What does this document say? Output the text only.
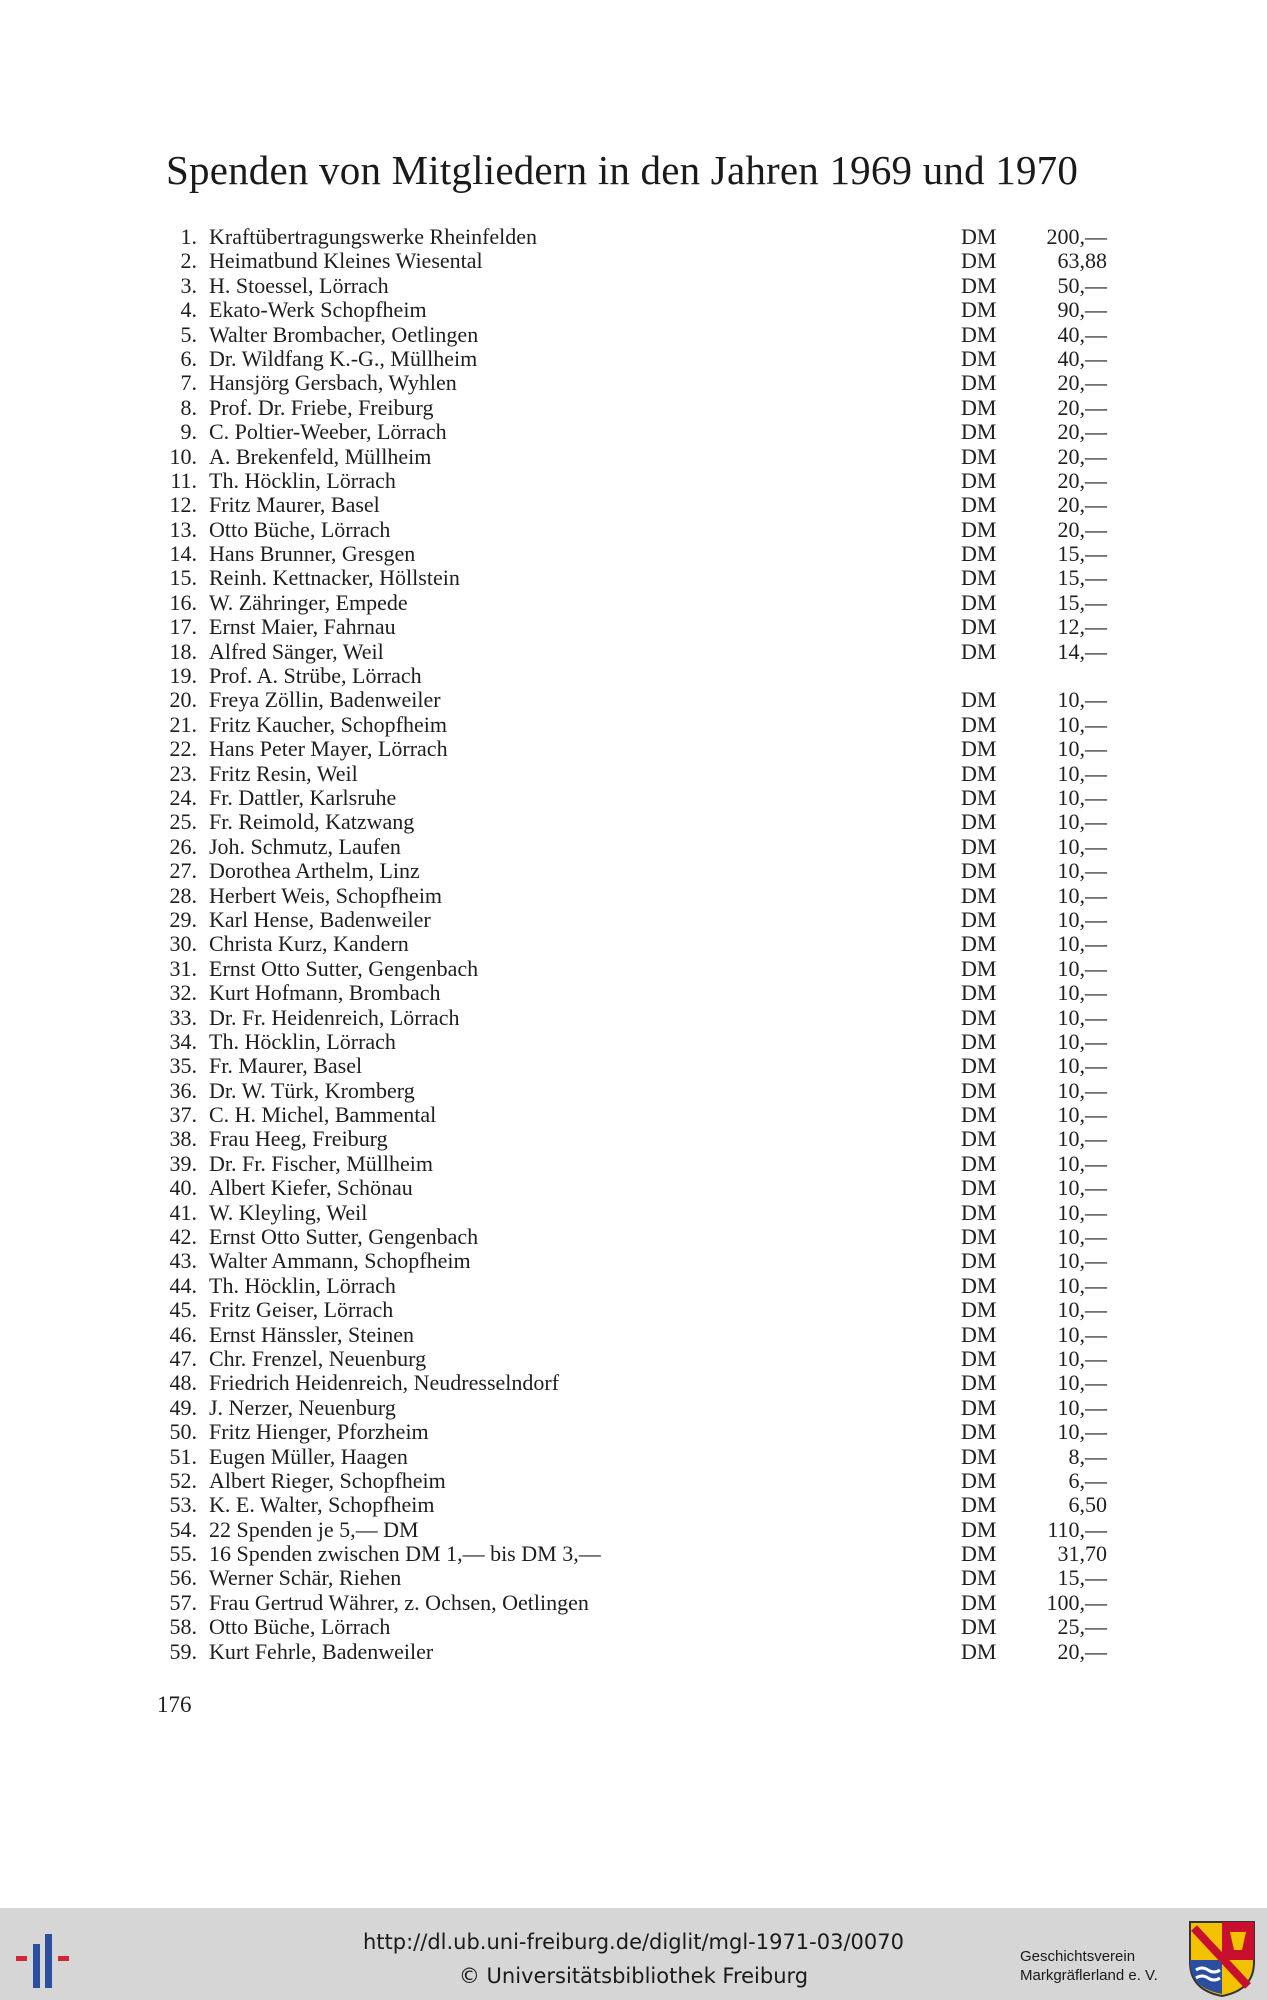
Spenden von Mitgliedern in den Jahren 1969 und 1970
1. Kraftübertragungswerke Rheinfelden	DM 200,—
2. Heimatbund Kleines Wiesental	DM	63,88
3. H. Stoessel, Lörrach	DM	50,—
4. Ekato-Werk Schopfheim	DM	90,—
5. Walter Brombacher, Oetlingen	DM	40,—
6. Dr. Wildfang K.-G., Müllheim	DM	40,—
7. Hansjörg Gersbach, Wyhlen	DM	20,—
8. Prof. Dr. Friebe, Freiburg	DM	20,—
9. C. Poltier-Weeber, Lörrach	DM	20,—
10. A. Brekenfeld, Müllheim	DM	20,—
11. Th. Höcklin, Lörrach	DM	20,—
12. Fritz Maurer, Basel	DM	20,—
13. Otto Büche, Lörrach	DM	20,—
14. Hans Brunner, Gresgen	DM	15,—
15. Reinh. Kettnacker, Höllstein	DM	15,—
16. W. Zähringer, Empede	DM	15,—
17. Ernst Maier, Fahrnau	DM	12,—
18. Alfred Sänger, Weil	DM	14,—
19. Prof. A. Strübe, Lörrach
20. Freya Zöllin, Badenweiler	DM	10,—
21. Fritz Kaucher, Schopfheim	DM	10,—
22. Hans Peter Mayer, Lörrach	DM	10,—
23. Fritz Resin, Weil	DM	10,—
24. Fr. Dattler, Karlsruhe	DM	10,—
25. Fr. Reimold, Katzwang	DM	10,—
26. Joh. Schmutz, Laufen	DM	10,—
27. Dorothea Arthelm, Linz	DM	10,—
28. Herbert Weis, Schopfheim	DM	10,—
29. Karl Hense, Badenweiler	DM	10,—
30. Christa Kurz, Kandern	DM	10,—
31. Ernst Otto Sutter, Gengenbach	DM	10,—
32. Kurt Hofmann, Brombach	DM	10,—
33. Dr. Fr. Heidenreich, Lörrach	DM	10,—
34. Th. Höcklin, Lörrach	DM	10,—
35. Fr. Maurer, Basel	DM	10,—
36. Dr. W. Türk, Kromberg	DM	10,—
37. C. H. Michel, Bammental	DM	10,—
38. Frau Heeg, Freiburg	DM	10,—
39. Dr. Fr. Fischer, Müllheim	DM	10,—
40. Albert Kiefer, Schönau	DM	10,—
41. W. Kleyling, Weil	DM	10,—
42. Ernst Otto Sutter, Gengenbach	DM	10,—
43. Walter Ammann, Schopfheim	DM	10,—
44. Th. Höcklin, Lörrach	DM	10,—
45. Fritz Geiser, Lörrach	DM	10,—
46. Ernst Hänssler, Steinen	DM	10,—
47. Chr. Frenzel, Neuenburg	DM	10,—
48. Friedrich Heidenreich, Neudresselndorf	DM	10,—
49. J. Nerzer, Neuenburg	DM	10,—
50. Fritz Hienger, Pforzheim	DM	10,—
51. Eugen Müller, Haagen	DM	8,—
52. Albert Rieger, Schopfheim	DM	6,—
53. K. E. Walter, Schopfheim	DM	6,50
54. 22 Spenden je 5,— DM	DM 110,—
55. 16 Spenden zwischen DM 1,— bis DM 3,—	DM	31,70
56. Werner Schär, Riehen	DM	15,—
57. Frau Gertrud Währer, z. Ochsen, Oetlingen	DM 100,—
58. Otto Büche, Lörrach	DM	25,—
59. Kurt Fehrle, Badenweiler	DM	20,—
176
http://dl.ub.uni-freiburg.de/diglit/mgl-1971-03/0070
© Universitätsbibliothek Freiburg
Geschichtsverein
Markgräflerland e. V.
